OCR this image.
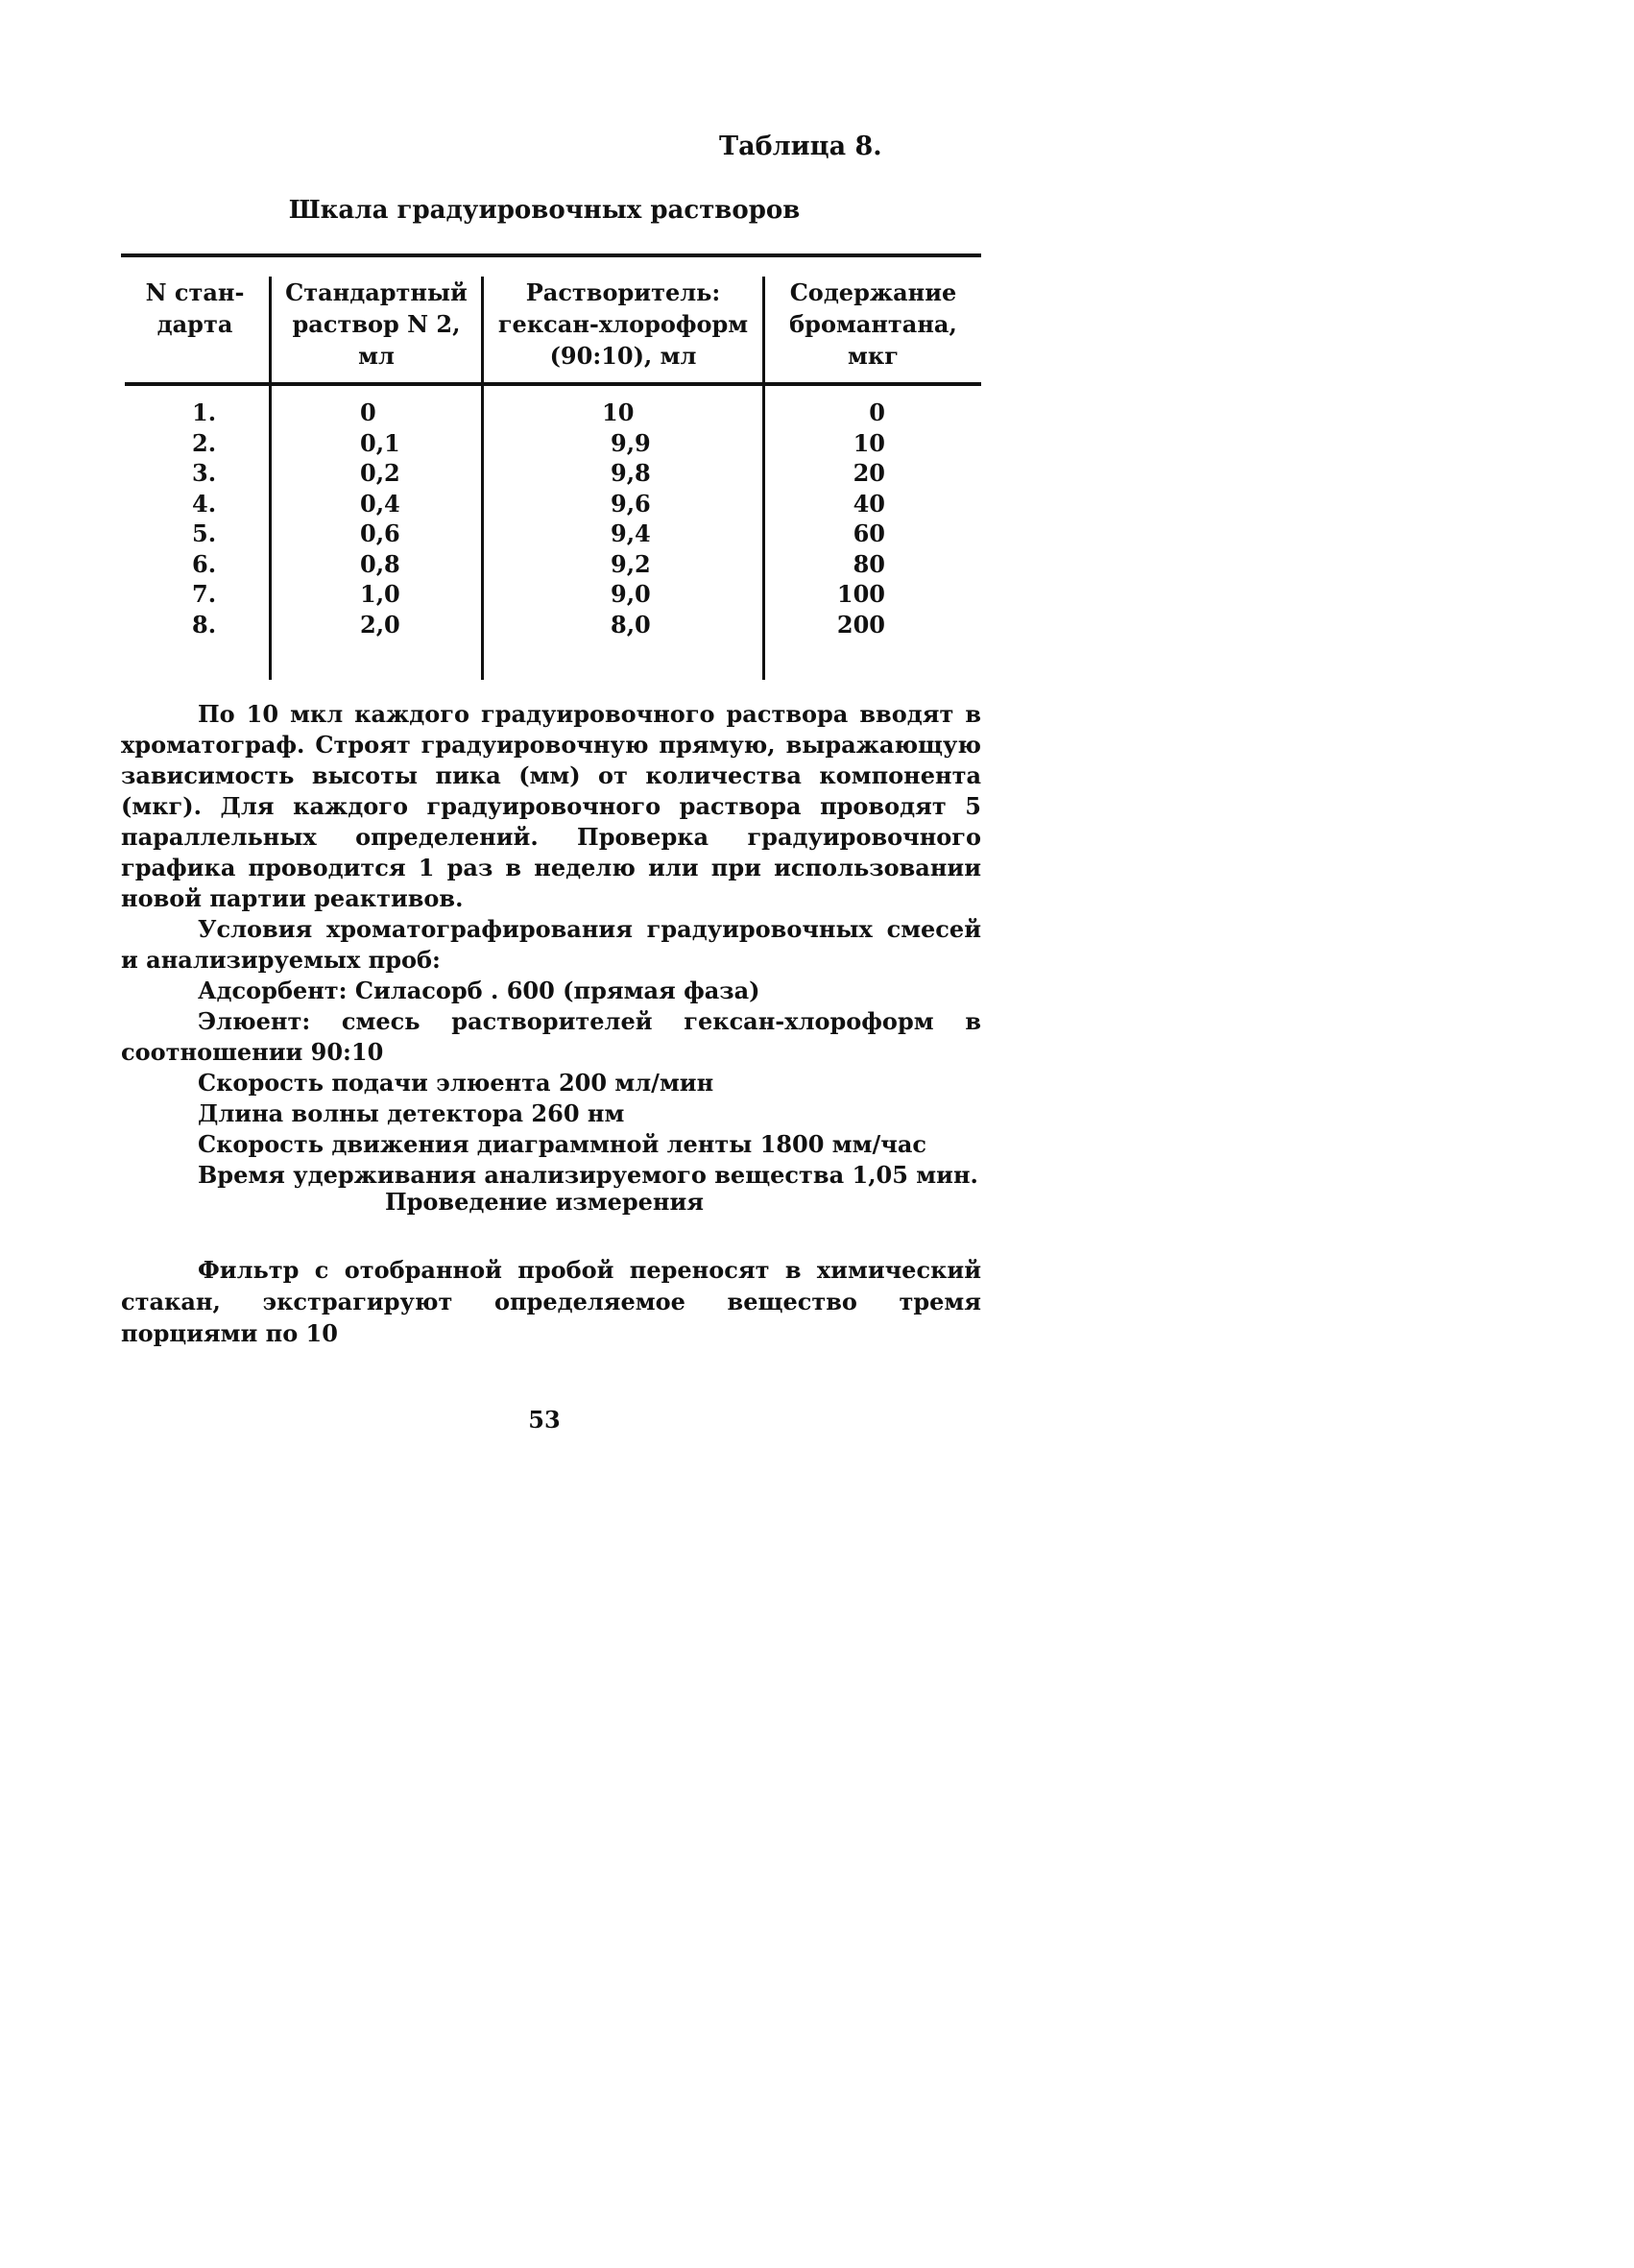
Таблица 8.
Шкала градуировочных растворов
N стан-
дарта
Стандартный
раствор N 2,
мл
Растворитель:
гексан-хлороформ
(90:10), мл
Содержание
бромантана,
мкг
1.
2.
3.
4.
5.
6.
7.
8.
0
0,1
0,2
0,4
0,6
0,8
1,0
2,0
10
9,9
9,8
9,6
9,4
9,2
9,0
8,0
0
10
20
40
60
80
100
200

По 10 мкл каждого градуировочного раствора вводят в хроматограф. Строят градуировочную прямую, выражающую зависимость высоты пика (мм) от количества компонента (мкг). Для каждого градуировочного раствора проводят 5 параллельных определений. Проверка градуировочного графика проводится 1 раз в неделю или при использовании новой партии реактивов.

Условия хроматографирования градуировочных смесей и анализируемых проб:

Адсорбент: Силасорб . 600 (прямая фаза)

Элюент: смесь растворителей гексан-хлороформ в соотношении 90:10

Скорость подачи элюента 200 мл/мин

Длина волны детектора 260 нм

Скорость движения диаграммной ленты 1800 мм/час

Время удерживания анализируемого вещества 1,05 мин.

Проведение измерения

Фильтр с отобранной пробой переносят в химический стакан, экстрагируют определяемое вещество тремя порциями по 10

53
